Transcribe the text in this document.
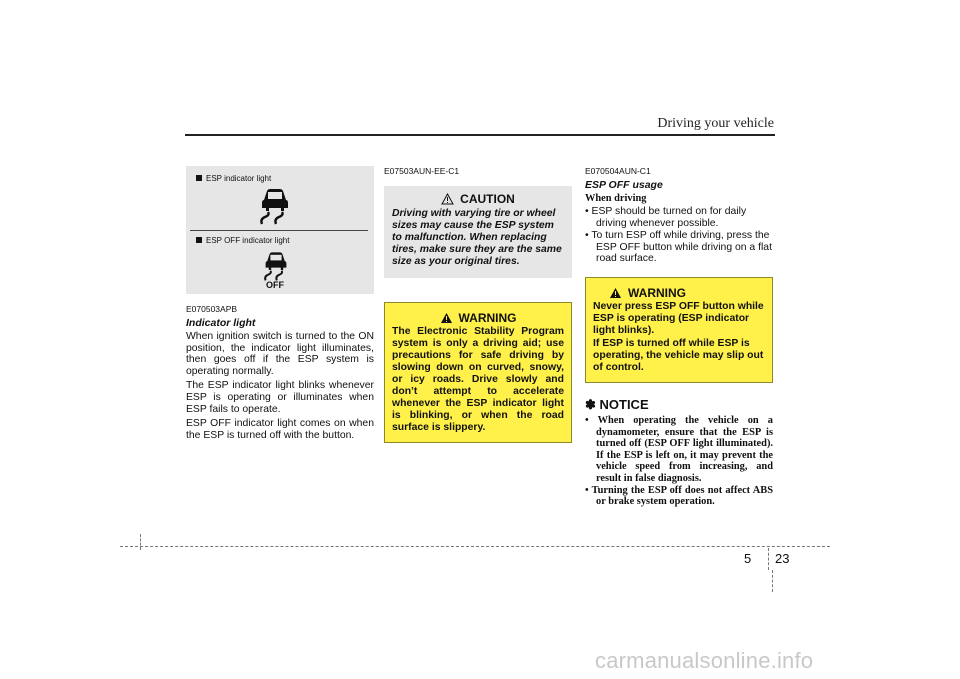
Driving your vehicle
ESP indicator light
ESP OFF indicator light
OFF
E070503APB
Indicator light

When ignition switch is turned to the ON position, the indicator light illuminates, then goes off if the ESP system is operating normally.

The ESP indicator light blinks whenever ESP is operating or illuminates when ESP fails to operate.

ESP OFF indicator light comes on when the ESP is turned off with the button.

E07503AUN-EE-C1
CAUTION
Driving with varying tire or wheel sizes may cause the ESP system to malfunction. When replacing tires, make sure they are the same size as your original tires.
WARNING
The Electronic Stability Program system is only a driving aid; use precautions for safe driving by slowing down on curved, snowy, or icy roads. Drive slowly and don’t attempt to accelerate whenever the ESP indicator light is blinking, or when the road surface is slippery.
E070504AUN-C1
ESP OFF usage
When driving
• ESP should be turned on for daily driving whenever possible.
• To turn ESP off while driving, press the ESP OFF button while driving on a flat road surface.
WARNING
Never press ESP OFF button while ESP is operating (ESP indicator light blinks).
If ESP is turned off while ESP is operating, the vehicle may slip out of control.
✽ NOTICE
• When operating the vehicle on a dynamometer, ensure that the ESP is turned off (ESP OFF light illuminated). If the ESP is left on, it may prevent the vehicle speed from increasing, and result in false diagnosis.
• Turning the ESP off does not affect ABS or brake system operation.
5 23
carmanualsonline.info
